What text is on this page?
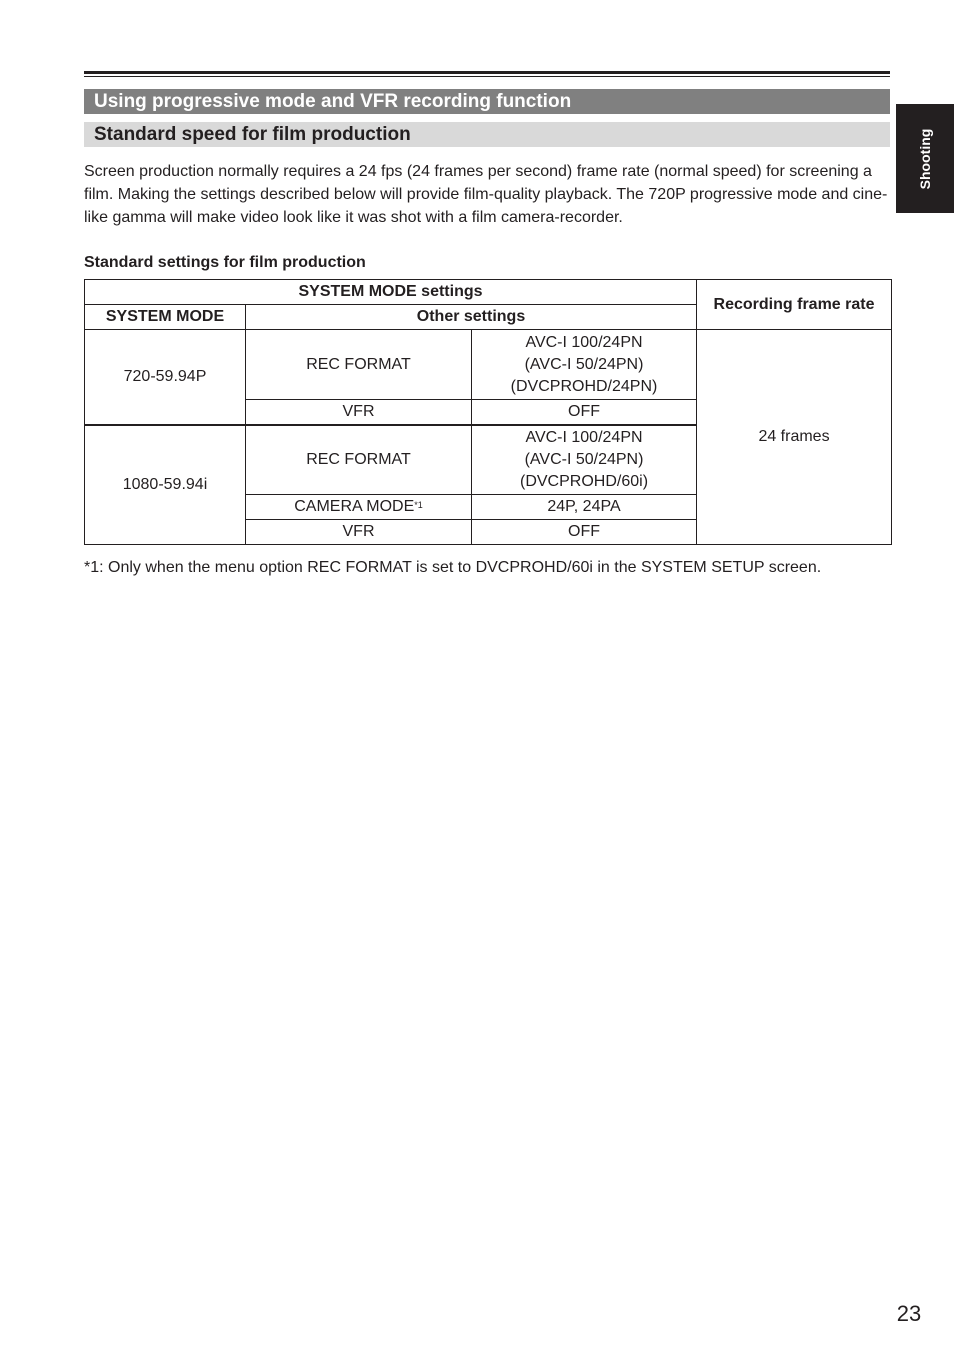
Shooting
Using progressive mode and VFR recording function
Standard speed for film production
Screen production normally requires a 24 fps (24 frames per second) frame rate (normal speed) for screening a film. Making the settings described below will provide film-quality playback. The 720P progressive mode and cine-like gamma will make video look like it was shot with a film camera-recorder.
Standard settings for film production
SYSTEM MODE settings			Recording frame rate
SYSTEM MODE	Other settings		
720-59.94P	REC FORMAT	AVC-I 100/24PN
(AVC-I 50/24PN)
(DVCPROHD/24PN)	24 frames
	VFR	OFF	
1080-59.94i	REC FORMAT	AVC-I 100/24PN
(AVC-I 50/24PN)
(DVCPROHD/60i)	

	CAMERA MODE$^{*1}$	24P, 24PA	
	VFR	OFF	
*1: Only when the menu option REC FORMAT is set to DVCPROHD/60i in the SYSTEM SETUP screen.
23
